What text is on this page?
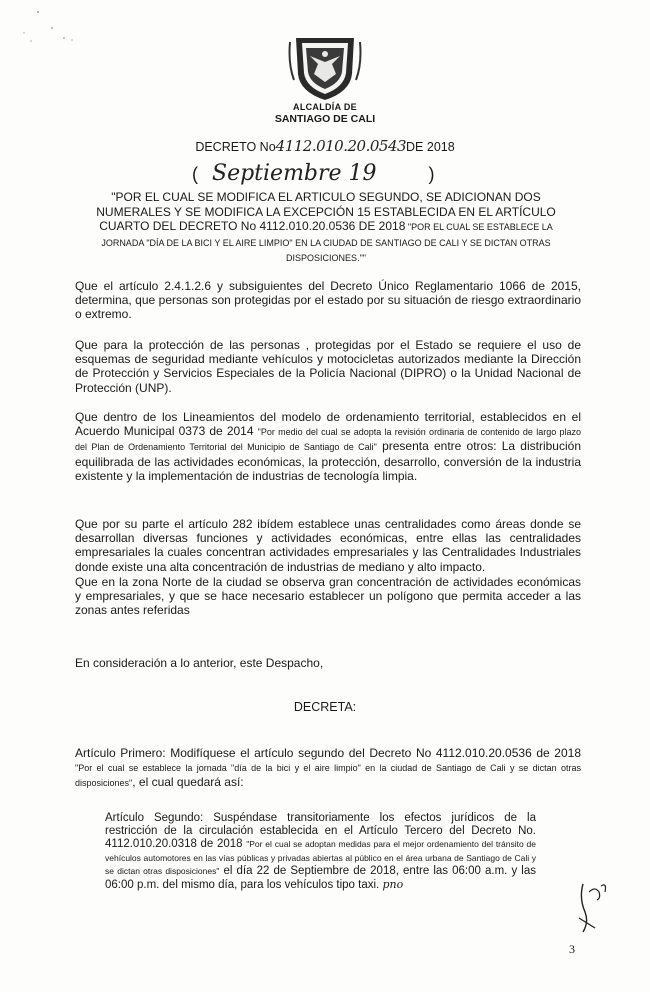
ALCALDÍA DE
SANTIAGO DE CALI
DECRETO No4112.010.20.0543DE 2018
( Septiembre 19	)
"POR EL CUAL SE MODIFICA EL ARTICULO SEGUNDO, SE ADICIONAN DOS NUMERALES Y SE MODIFICA LA EXCEPCIÓN 15 ESTABLECIDA EN EL ARTÍCULO CUARTO DEL DECRETO No 4112.010.20.0536 DE 2018 "POR EL CUAL SE ESTABLECE LA JORNADA "DÍA DE LA BICI Y EL AIRE LIMPIO" EN LA CIUDAD DE SANTIAGO DE CALI Y SE DICTAN OTRAS DISPOSICIONES.""
Que el artículo 2.4.1.2.6 y subsiguientes del Decreto Único Reglamentario 1066 de 2015, determina, que personas son protegidas por el estado por su situación de riesgo extraordinario o extremo.
Que para la protección de las personas , protegidas por el Estado se requiere el uso de esquemas de seguridad mediante vehículos y motocicletas autorizados mediante la Dirección de Protección y Servicios Especiales de la Policía Nacional (DIPRO) o la Unidad Nacional de Protección (UNP).
Que dentro de los Lineamientos del modelo de ordenamiento territorial, establecidos en el Acuerdo Municipal 0373 de 2014 "Por medio del cual se adopta la revisión ordinaria de contenido de largo plazo del Plan de Ordenamiento Territorial del Municipio de Santiago de Cali" presenta entre otros: La distribución equilibrada de las actividades económicas, la protección, desarrollo, conversión de la industria existente y la implementación de industrias de tecnología limpia.
Que por su parte el artículo 282 ibídem establece unas centralidades como áreas donde se desarrollan diversas funciones y actividades económicas, entre ellas las centralidades empresariales la cuales concentran actividades empresariales y las Centralidades Industriales donde existe una alta concentración de industrias de mediano y alto impacto.
Que en la zona Norte de la ciudad se observa gran concentración de actividades económicas y empresariales, y que se hace necesario establecer un polígono que permita acceder a las zonas antes referidas
En consideración a lo anterior, este Despacho,
DECRETA:
Artículo Primero: Modifíquese el artículo segundo del Decreto No 4112.010.20.0536 de 2018 "Por el cual se establece la jornada "día de la bici y el aire limpio" en la ciudad de Santiago de Cali y se dictan otras disposiciones", el cual quedará así:
Artículo Segundo: Suspéndase transitoriamente los efectos jurídicos de la restricción de la circulación establecida en el Artículo Tercero del Decreto No. 4112.010.20.0318 de 2018 "Por el cual se adoptan medidas para el mejor ordenamiento del tránsito de vehículos automotores en las vías públicas y privadas abiertas al público en el área urbana de Santiago de Cali y se dictan otras disposiciones" el día 22 de Septiembre de 2018, entre las 06:00 a.m. y las 06:00 p.m. del mismo día, para los vehículos tipo taxi. pno
3
